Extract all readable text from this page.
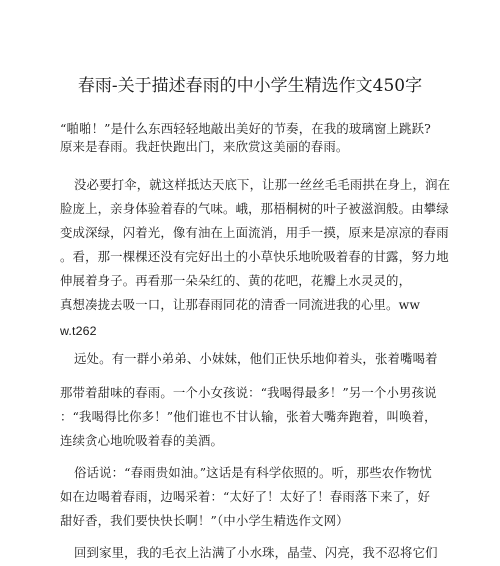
春雨-关于描述春雨的中小学生精选作文450字
“啪啪！”是什么东西轻轻地敲出美好的节奏，在我的玻璃窗上跳跃?
原来是春雨。我赶快跑出门，来欣赏这美丽的春雨。
没必要打伞，就这样抵达天底下，让那一丝丝毛毛雨拱在身上，润在
脸庞上，亲身体验着春的气味。峨，那梧桐树的叶子被滋润般。由攀绿
变成深绿，闪着光，像有油在上面流消，用手一摸，原来是凉凉的春雨
。看，那一棵棵还没有完好出土的小草快乐地吮吸着春的甘露，努力地
伸展着身子。再看那一朵朵红的、黄的花吧，花瓣上水灵灵的，
真想凑拢去吸一口，让那春雨同花的清香一同流进我的心里。ww
w.t262
远处。有一群小弟弟、小妹妹，他们正快乐地仰着头，张着嘴喝着
那带着甜味的春雨。一个小女孩说：“我喝得最多！”另一个小男孩说
：“我喝得比你多！”他们谁也不甘认输，张着大嘴奔跑着，叫唤着，
连续贪心地吮吸着春的美酒。
俗话说：“春雨贵如油。”这话是有科学依照的。听，那些农作物忧
如在边喝着春雨，边喝采着：“太好了！太好了！春雨落下来了，好
甜好香，我们要快快长啊！”（中小学生精选作文网）
回到家里，我的毛衣上沾满了小水珠，晶莹、闪亮，我不忍将它们
